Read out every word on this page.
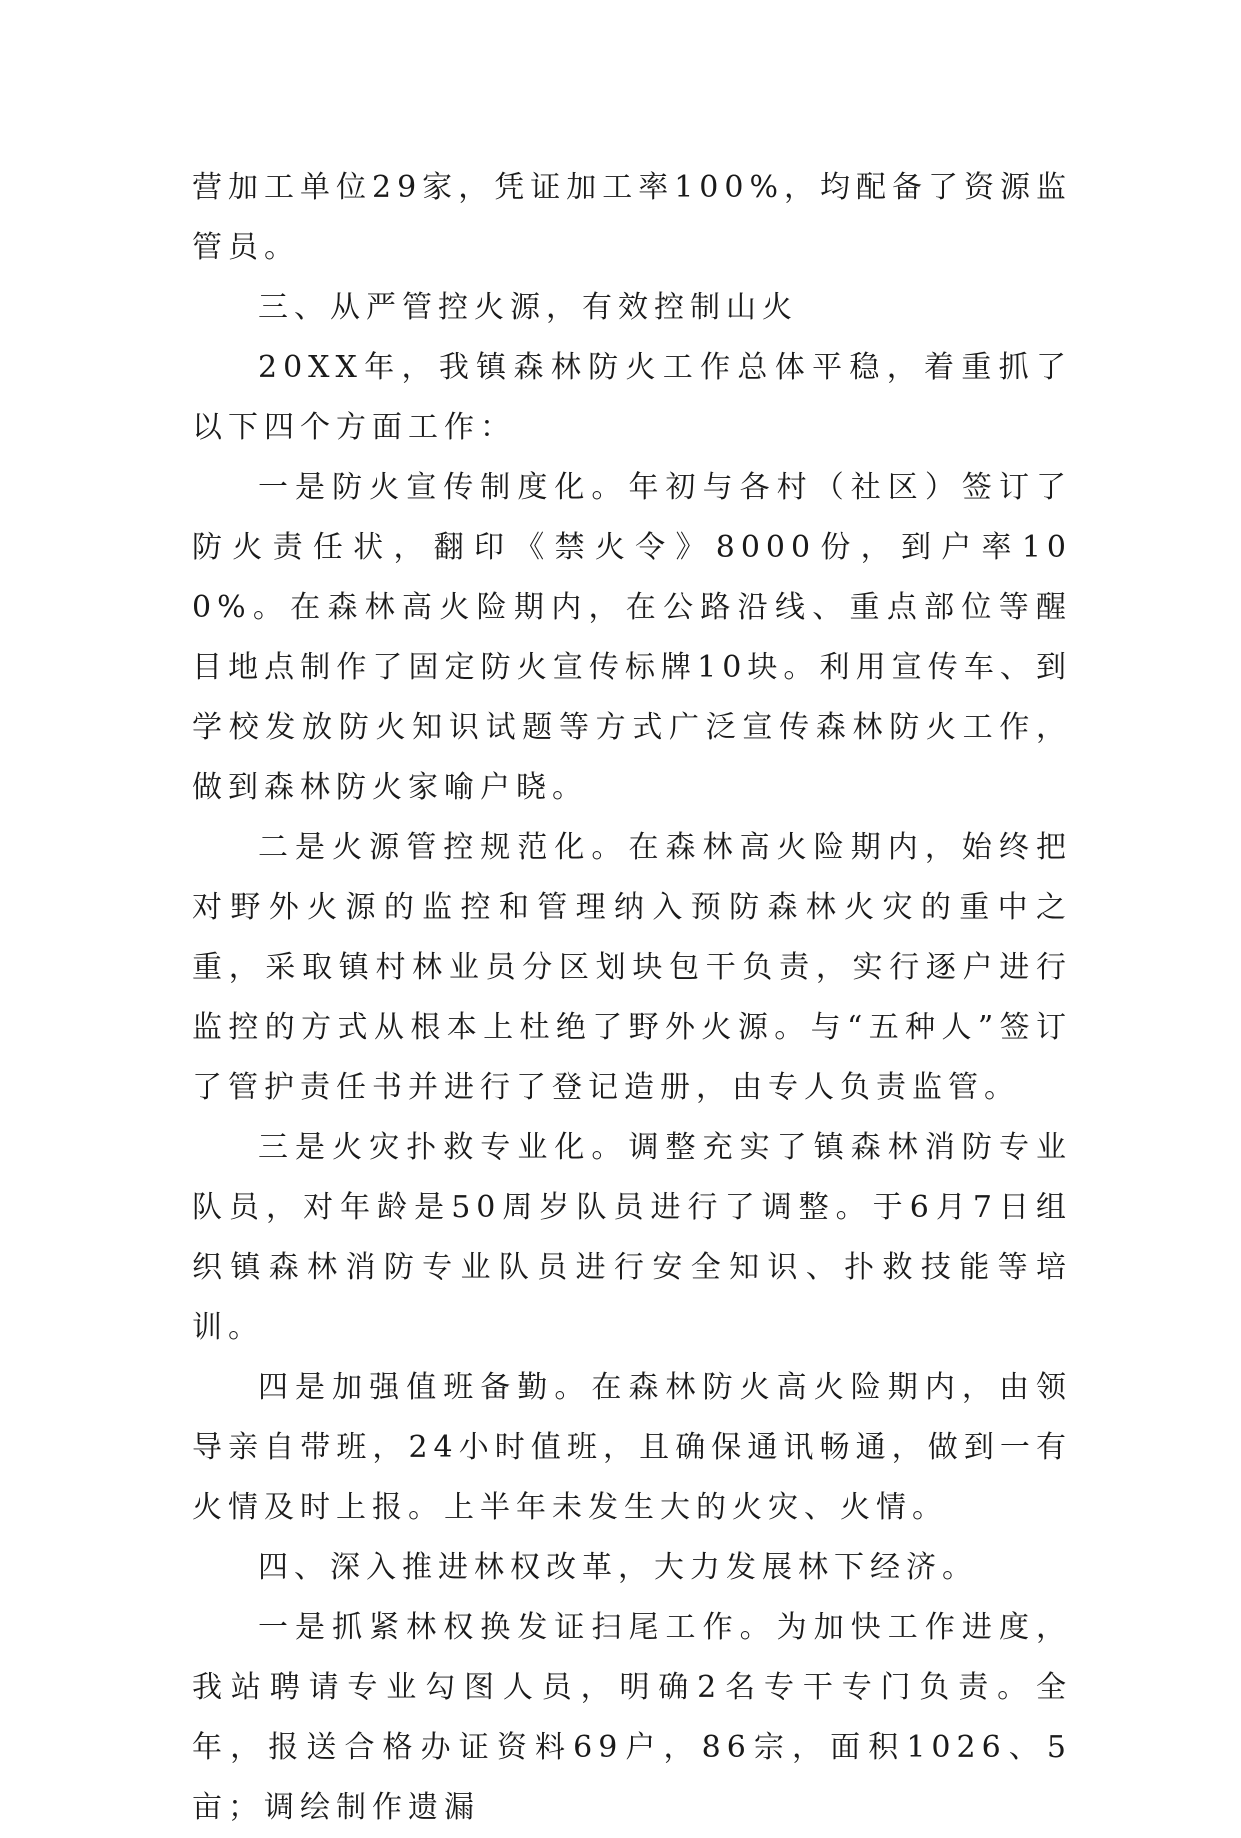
营加工单位29家，凭证加工率100%，均配备了资源监管员。

三、从严管控火源，有效控制山火

20XX年，我镇森林防火工作总体平稳，着重抓了以下四个方面工作：

一是防火宣传制度化。年初与各村（社区）签订了防火责任状，翻印《禁火令》8000份，到户率100%。在森林高火险期内，在公路沿线、重点部位等醒目地点制作了固定防火宣传标牌10块。利用宣传车、到学校发放防火知识试题等方式广泛宣传森林防火工作，做到森林防火家喻户晓。

二是火源管控规范化。在森林高火险期内，始终把对野外火源的监控和管理纳入预防森林火灾的重中之重，采取镇村林业员分区划块包干负责，实行逐户进行监控的方式从根本上杜绝了野外火源。与“五种人”签订了管护责任书并进行了登记造册，由专人负责监管。

三是火灾扑救专业化。调整充实了镇森林消防专业队员，对年龄是50周岁队员进行了调整。于6月7日组织镇森林消防专业队员进行安全知识、扑救技能等培训。

四是加强值班备勤。在森林防火高火险期内，由领导亲自带班，24小时值班，且确保通讯畅通，做到一有火情及时上报。上半年未发生大的火灾、火情。

四、深入推进林权改革，大力发展林下经济。

一是抓紧林权换发证扫尾工作。为加快工作进度，我站聘请专业勾图人员，明确2名专干专门负责。全年，报送合格办证资料69户，86宗，面积1026、5亩；调绘制作遗漏
